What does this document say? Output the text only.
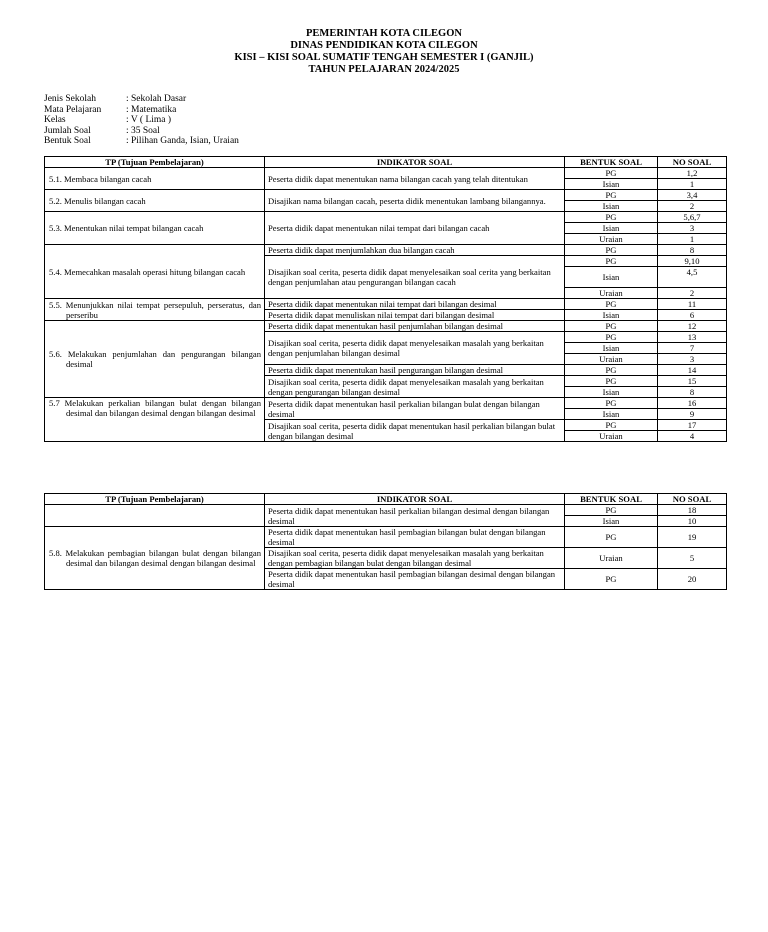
PEMERINTAH KOTA CILEGON
DINAS PENDIDIKAN KOTA CILEGON
KISI – KISI SOAL SUMATIF TENGAH SEMESTER I (GANJIL)
TAHUN PELAJARAN 2024/2025
Jenis Sekolah	: Sekolah Dasar
Mata Pelajaran	: Matematika
Kelas	: V ( Lima )
Jumlah Soal	: 35 Soal
Bentuk Soal	: Pilihan Ganda, Isian, Uraian
TP (Tujuan Pembelajaran)	INDIKATOR SOAL	BENTUK SOAL	NO SOAL

5.1. Membaca bilangan cacah	Peserta didik dapat menentukan nama bilangan cacah yang telah ditentukan	PG	1,2
		Isian	1

5.2. Menulis bilangan cacah	Disajikan nama bilangan cacah, peserta didik menentukan lambang bilangannya.	PG	3,4
		Isian	2

5.3. Menentukan nilai tempat bilangan cacah	Peserta didik dapat menentukan nilai tempat dari bilangan cacah	PG	5,6,7
		Isian	3
		Uraian	1

5.4. Memecahkan masalah operasi hitung bilangan cacah	Peserta didik dapat menjumlahkan dua bilangan cacah	PG	8
	Disajikan soal cerita, peserta didik dapat menyelesaikan soal cerita yang berkaitan dengan penjumlahan atau pengurangan bilangan cacah	PG	9,10
		Isian	4,5
		Uraian	2

5.5. Menunjukkan nilai tempat persepuluh, perseratus, dan perseribu	Peserta didik dapat menentukan nilai tempat dari bilangan desimal	PG	11
	Peserta didik dapat menuliskan nilai tempat dari bilangan desimal	Isian	6

5.6. Melakukan penjumlahan dan pengurangan bilangan desimal	Peserta didik dapat menentukan hasil penjumlahan bilangan desimal	PG	12
	Disajikan soal cerita, peserta didik dapat menyelesaikan masalah yang berkaitan dengan penjumlahan bilangan desimal	PG	13
		Isian	7
		Uraian	3
	Peserta didik dapat menentukan hasil pengurangan bilangan desimal	PG	14
	Disajikan soal cerita, peserta didik dapat menyelesaikan masalah yang berkaitan dengan pengurangan bilangan desimal	PG	15
		Isian	8

5.7 Melakukan perkalian bilangan bulat dengan bilangan desimal dan bilangan desimal dengan bilangan desimal	Peserta didik dapat menentukan hasil perkalian bilangan bulat dengan bilangan desimal	PG	16
		Isian	9
	Disajikan soal cerita, peserta didik dapat menentukan hasil perkalian bilangan bulat dengan bilangan desimal	PG	17
		Uraian	4
TP (Tujuan Pembelajaran)	INDIKATOR SOAL	BENTUK SOAL	NO SOAL
	Peserta didik dapat menentukan hasil perkalian bilangan desimal dengan bilangan desimal	PG	18
		Isian	10

5.8. Melakukan pembagian bilangan bulat dengan bilangan desimal dan bilangan desimal dengan bilangan desimal	Peserta didik dapat menentukan hasil pembagian bilangan bulat dengan bilangan desimal	PG	19
	Disajikan soal cerita, peserta didik dapat menyelesaikan masalah yang berkaitan dengan pembagian bilangan bulat dengan bilangan desimal	Uraian	5
	Peserta didik dapat menentukan hasil pembagian bilangan desimal dengan bilangan desimal	PG	20
